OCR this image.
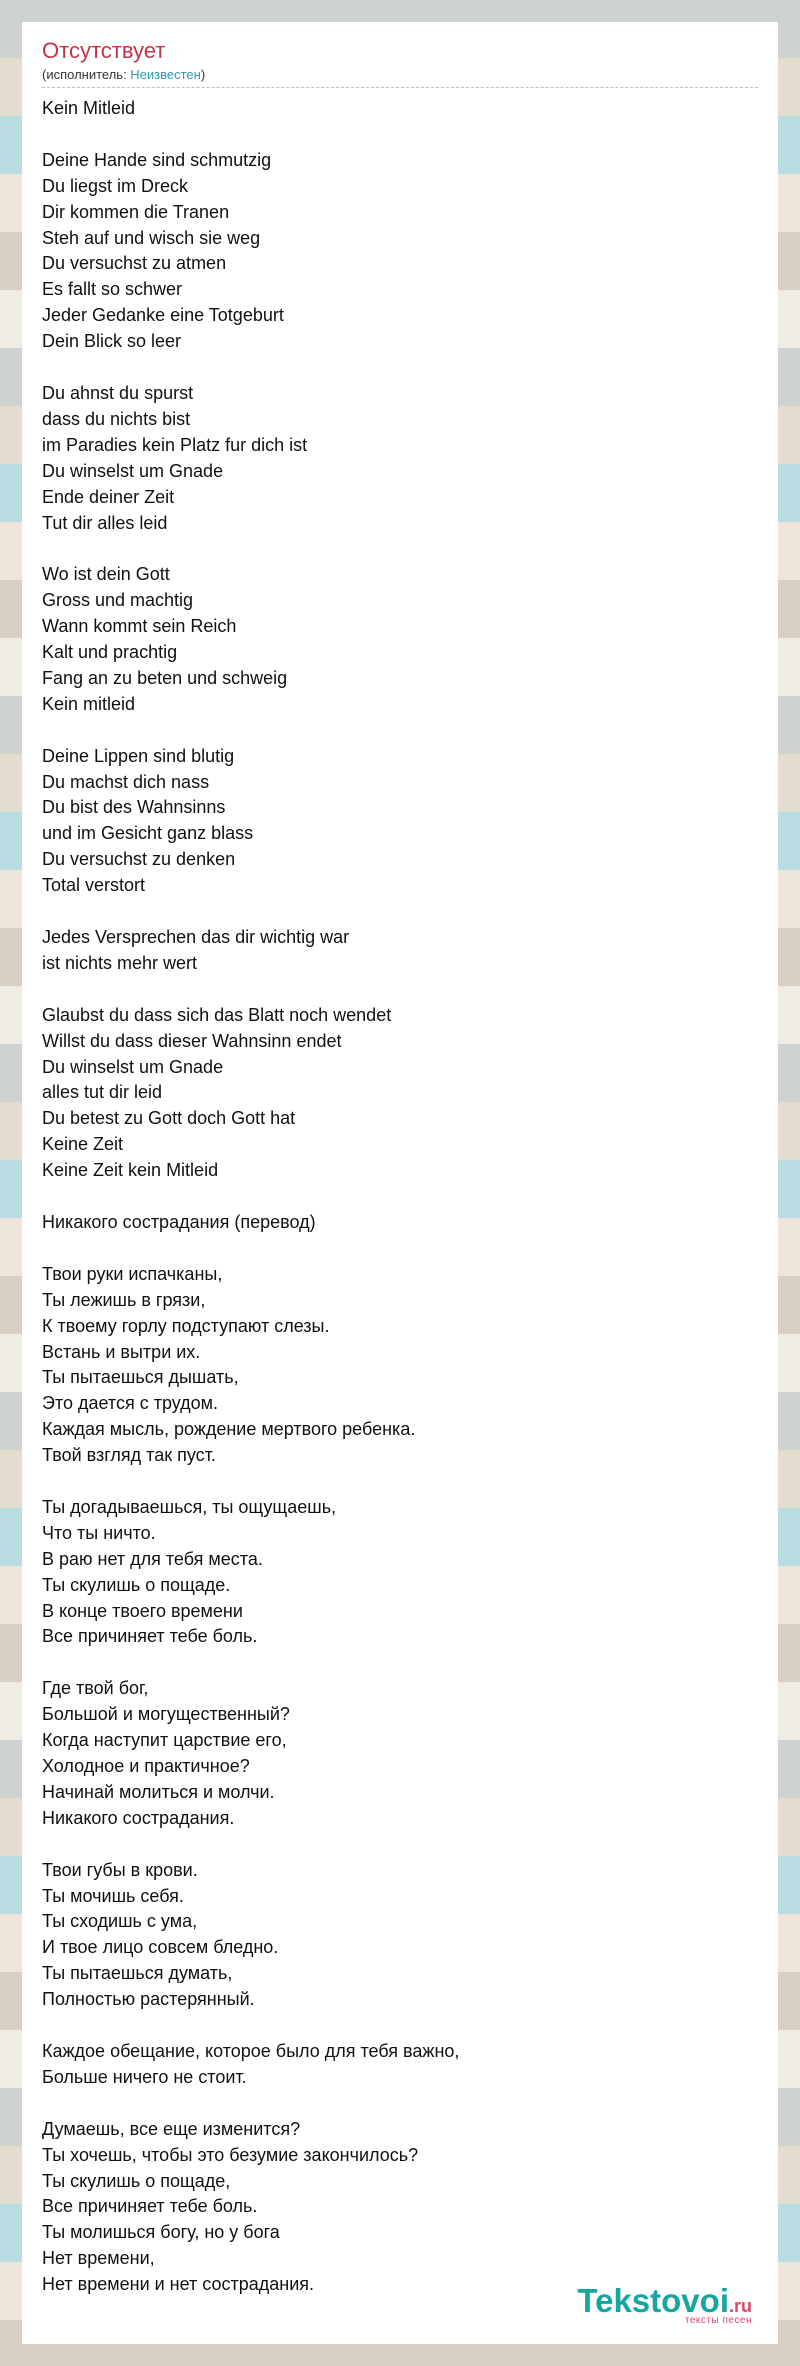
Отсутствует
(исполнитель: Неизвестен)
Kein Mitleid

Deine Hande sind schmutzig
Du liegst im Dreck
Dir kommen die Tranen
Steh auf und wisch sie weg
Du versuchst zu atmen
Es fallt so schwer
Jeder Gedanke eine Totgeburt
Dein Blick so leer

Du ahnst du spurst
dass du nichts bist
im Paradies kein Platz fur dich ist
Du winselst um Gnade
Ende deiner Zeit
Tut dir alles leid

Wo ist dein Gott
Gross und machtig
Wann kommt sein Reich
Kalt und prachtig
Fang an zu beten und schweig
Kein mitleid

Deine Lippen sind blutig
Du machst dich nass
Du bist des Wahnsinns
und im Gesicht ganz blass
Du versuchst zu denken
Total verstort

Jedes Versprechen das dir wichtig war
ist nichts mehr wert

Glaubst du dass sich das Blatt noch wendet
Willst du dass dieser Wahnsinn endet
Du winselst um Gnade
alles tut dir leid
Du betest zu Gott doch Gott hat
Keine Zeit
Keine Zeit kein Mitleid

Никакого сострадания (перевод)

Твои руки испачканы,
Ты лежишь в грязи,
К твоему горлу подступают слезы.
Встань и вытри их.
Ты пытаешься дышать,
Это дается с трудом.
Каждая мысль, рождение мертвого ребенка.
Твой взгляд так пуст.

Ты догадываешься, ты ощущаешь,
Что ты ничто.
В раю нет для тебя места.
Ты скулишь о пощаде.
В конце твоего времени
Все причиняет тебе боль.

Где твой бог,
Большой и могущественный?
Когда наступит царствие его,
Холодное и практичное?
Начинай молиться и молчи.
Никакого сострадания.

Твои губы в крови.
Ты мочишь себя.
Ты сходишь с ума,
И твое лицо совсем бледно.
Ты пытаешься думать,
Полностью растерянный.

Каждое обещание, которое было для тебя важно,
Больше ничего не стоит.

Думаешь, все еще изменится?
Ты хочешь, чтобы это безумие закончилось?
Ты скулишь о пощаде,
Все причиняет тебе боль.
Ты молишься богу, но у бога
Нет времени,
Нет времени и нет сострадания.	Tekstovoi.ru
тексты песен
